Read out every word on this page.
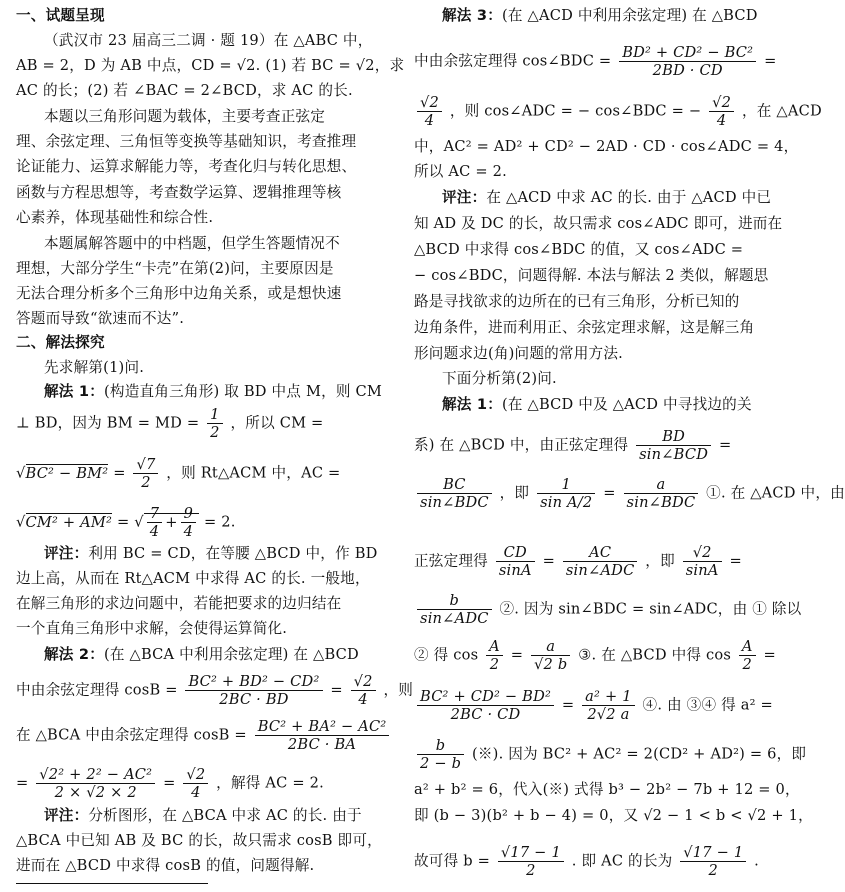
一、试题呈现
（武汉市 23 届高三二调 · 题 19）在 △ABC 中，
AB = 2，D 为 AB 中点，CD = √2. (1) 若 BC = √2，求
AC 的长；(2) 若 ∠BAC = 2∠BCD，求 AC 的长.
本题以三角形问题为载体，主要考查正弦定
理、余弦定理、三角恒等变换等基础知识，考查推理
论证能力、运算求解能力等，考查化归与转化思想、
函数与方程思想等，考查数学运算、逻辑推理等核
心素养，体现基础性和综合性.
本题属解答题中的中档题，但学生答题情况不
理想，大部分学生“卡壳”在第(2)问，主要原因是
无法合理分析多个三角形中边角关系，或是想快速
答题而导致“欲速而不达”.
二、解法探究
先求解第(1)问.
解法 1：(构造直角三角形) 取 BD 中点 M，则 CM
⊥ BD，因为 BM = MD = $\frac{1}{2}$ ，所以 CM =
$√BC^2 - BM^2 = \frac{√7}{2}$ ，则 Rt△ACM 中，AC =
√CM² + AM² = √ $\frac{7}{4} + \frac{9}{4} = 2$.
评注：利用 BC = CD，在等腰 △BCD 中，作 BD
边上高，从而在 Rt△ACM 中求得 AC 的长. 一般地，
在解三角形的求边问题中，若能把要求的边归结在
一个直角三角形中求解，会使得运算简化.
解法 2：(在 △BCA 中利用余弦定理) 在 △BCD
中由余弦定理得 $\cos B = \frac{\text{BC² + BD² − CD²}}{2BC \cdot BD} = \frac{√2}{4}$ ，则
在 △BCA 中由余弦定理得 $\cos B = \frac{\text{BC² + BA² − AC²}}{2BC \cdot BA}$
= $\frac{\text{√2² + 2² − AC²}}{2 \times √2 \times 2} = \frac{√2}{4}$ ，解得 AC = 2.
评注：分析图形，在 △BCA 中求 AC 的长. 由于
△BCA 中已知 AB 及 BC 的长，故只需求 cosB 即可，
进而在 △BCD 中求得 cosB 的值，问题得解.
解法 3：(在 △ACD 中利用余弦定理) 在 △BCD
中由余弦定理得 cos∠BDC = $\frac{\text{BD² + CD² − BC²}}{2BD \cdot CD}$ =
$\frac{√2}{4}$ ，则 cos∠ADC = − cos∠BDC = − $\frac{√2}{4}$ ，在 △ACD
中，AC² = AD² + CD² − 2AD · CD · cos∠ADC = 4，
所以 AC = 2.
评注：在 △ACD 中求 AC 的长. 由于 △ACD 中已
知 AD 及 DC 的长，故只需求 cos∠ADC 即可，进而在
△BCD 中求得 cos∠BDC 的值，又 cos∠ADC =
− cos∠BDC，问题得解. 本法与解法 2 类似，解题思
路是寻找欲求的边所在的已有三角形，分析已知的
边角条件，进而利用正、余弦定理求解，这是解三角
形问题求边(角)问题的常用方法.
下面分析第(2)问.
解法 1：(在 △BCD 中及 △ACD 中寻找边的关
系) 在 △BCD 中，由正弦定理得 $\frac{BD}{\text{sin∠BCD}}$ =
$\frac{BC}{\text{sin∠BDC}}$ ，即 $\frac{1}{\text{sin A/2}} = \frac{a}{\text{sin∠BDC}}$ ①. 在 △ACD 中，由
正弦定理得 $\frac{CD}{\sin A} = \frac{AC}{\text{sin∠ADC}}$ ，即 $\frac{√2}{\sin A}$ =
$\frac{b}{\text{sin∠ADC}}$ ②. 因为 sin∠BDC = sin∠ADC，由 ① 除以
② 得 $\cos \frac{A}{2} = \frac{a}{√2 b}$ ③. 在 △BCD 中得 $\cos \frac{A}{2}$ =
$\frac{\text{BC² + CD² − BD²}}{2BC \cdot CD} = \frac{\text{a² + 1}}{2√2 a}$ ④. 由 ③④ 得 a² =
$\frac{b}{2 - b}$ (※). 因为 BC² + AC² = 2(CD² + AD²) = 6，即
a² + b² = 6，代入(※) 式得 b³ − 2b² − 7b + 12 = 0，
即 (b − 3)(b² + b − 4) = 0，又 √2 − 1 < b < √2 + 1，
故可得 $b = \frac{√17 - 1}{2}$ . 即 AC 的长为 $\frac{√17 - 1}{2}$ .
